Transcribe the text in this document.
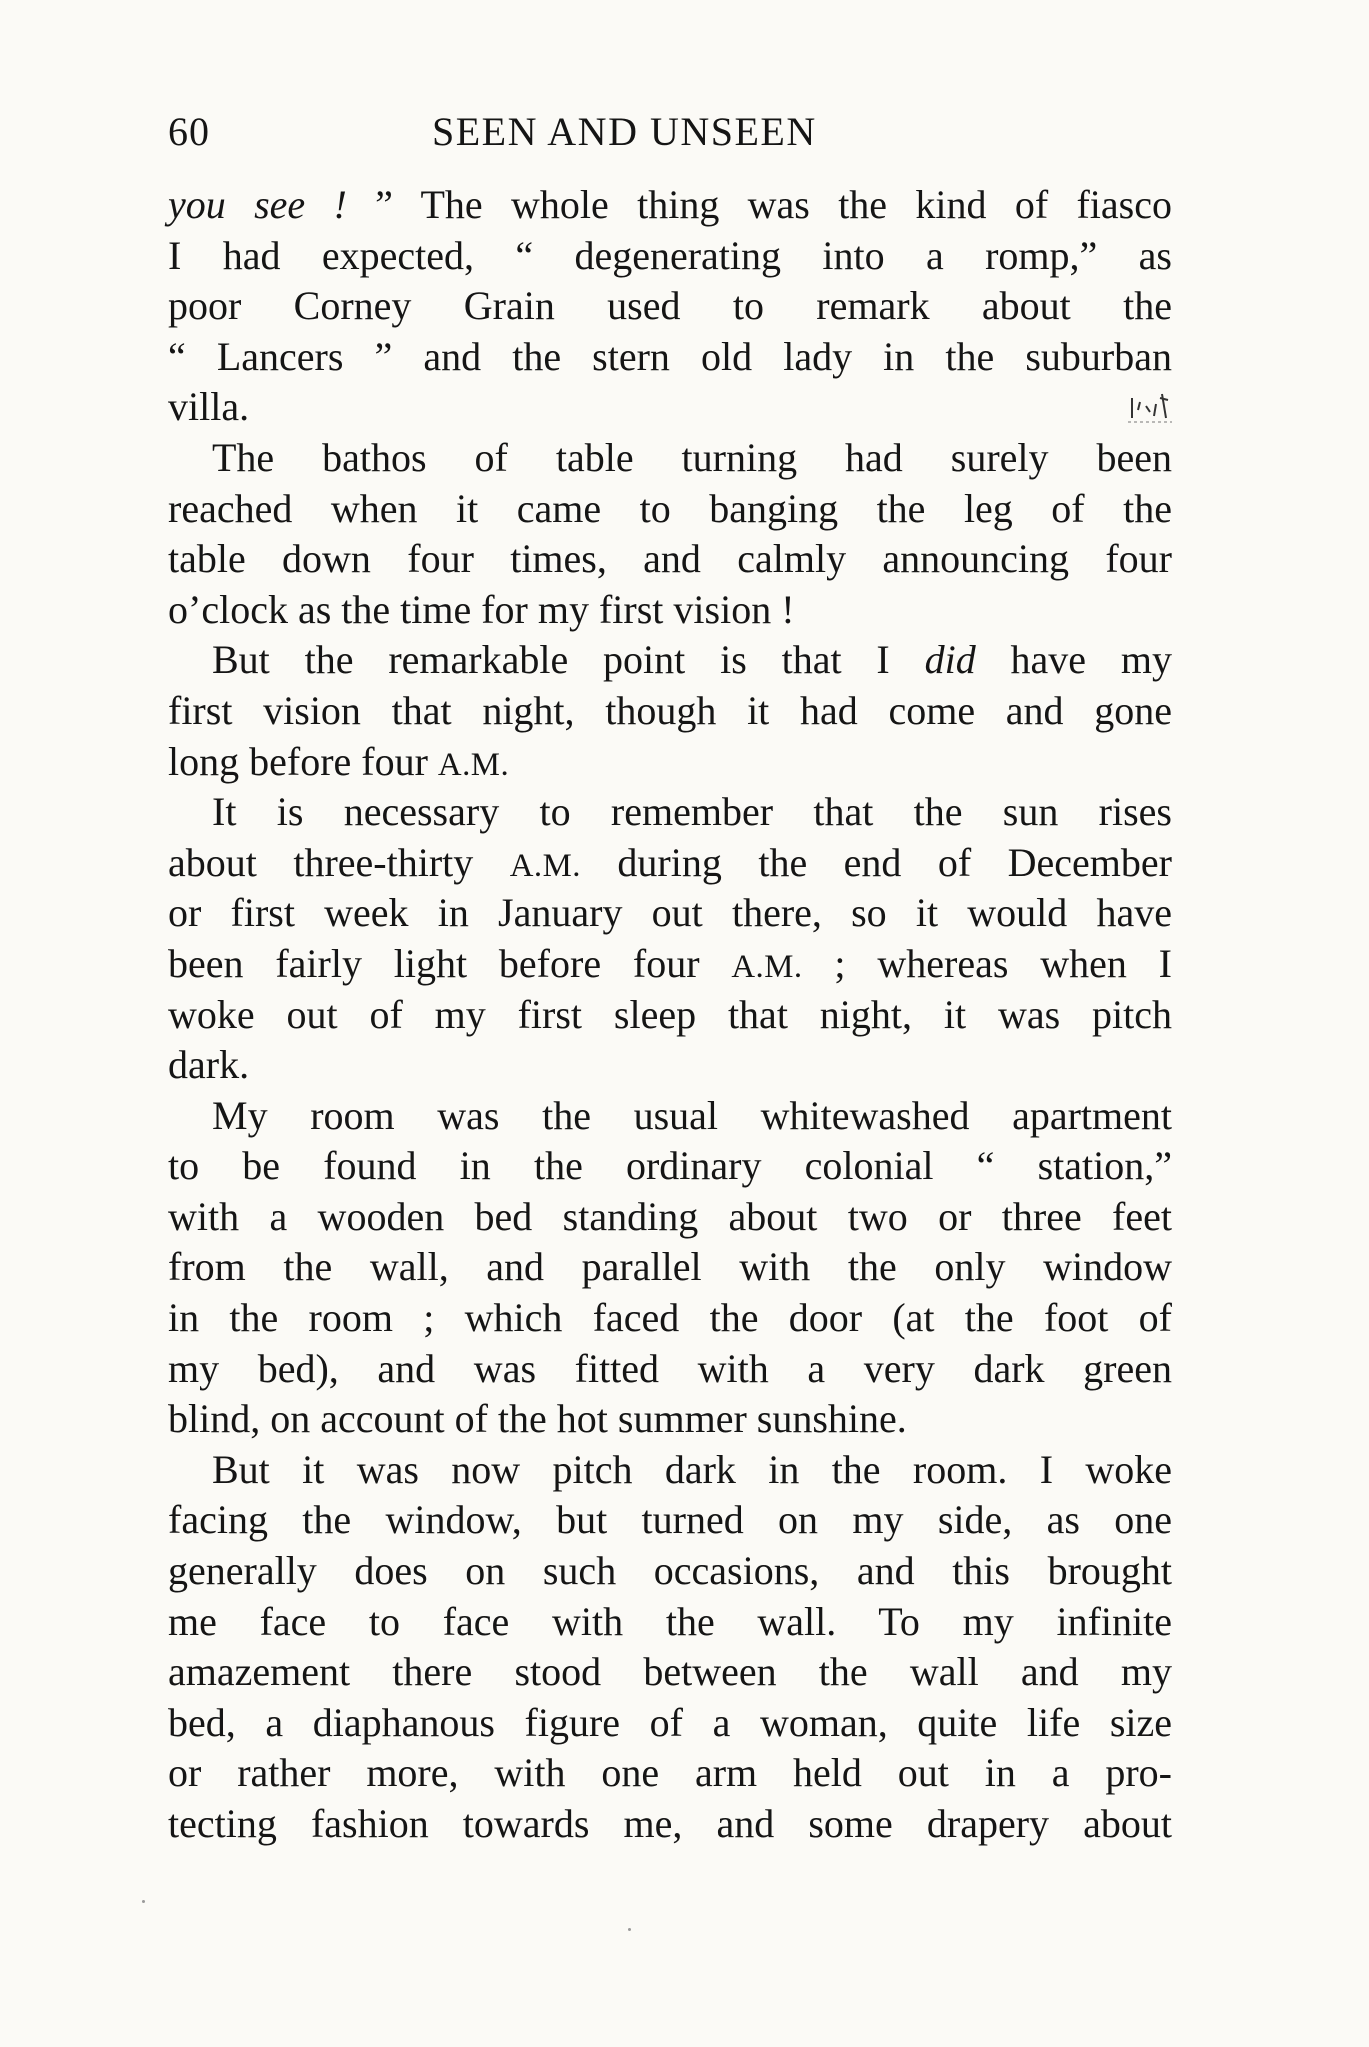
60	SEEN AND UNSEEN
you see ! ” The whole thing was the kind of fiasco
I had expected, “ degenerating into a romp,” as
poor Corney Grain used to remark about the
“ Lancers ” and the stern old lady in the suburban
villa.
The bathos of table turning had surely been
reached when it came to banging the leg of the
table down four times, and calmly announcing four
o’clock as the time for my first vision !
But the remarkable point is that I did have my
first vision that night, though it had come and gone
long before four A.M.
It is necessary to remember that the sun rises
about three-thirty A.M. during the end of December
or first week in January out there, so it would have
been fairly light before four A.M. ; whereas when I
woke out of my first sleep that night, it was pitch
dark.
My room was the usual whitewashed apartment
to be found in the ordinary colonial “ station,”
with a wooden bed standing about two or three feet
from the wall, and parallel with the only window
in the room ; which faced the door (at the foot of
my bed), and was fitted with a very dark green
blind, on account of the hot summer sunshine.
But it was now pitch dark in the room. I woke
facing the window, but turned on my side, as one
generally does on such occasions, and this brought
me face to face with the wall. To my infinite
amazement there stood between the wall and my
bed, a diaphanous figure of a woman, quite life size
or rather more, with one arm held out in a pro-
tecting fashion towards me, and some drapery about
